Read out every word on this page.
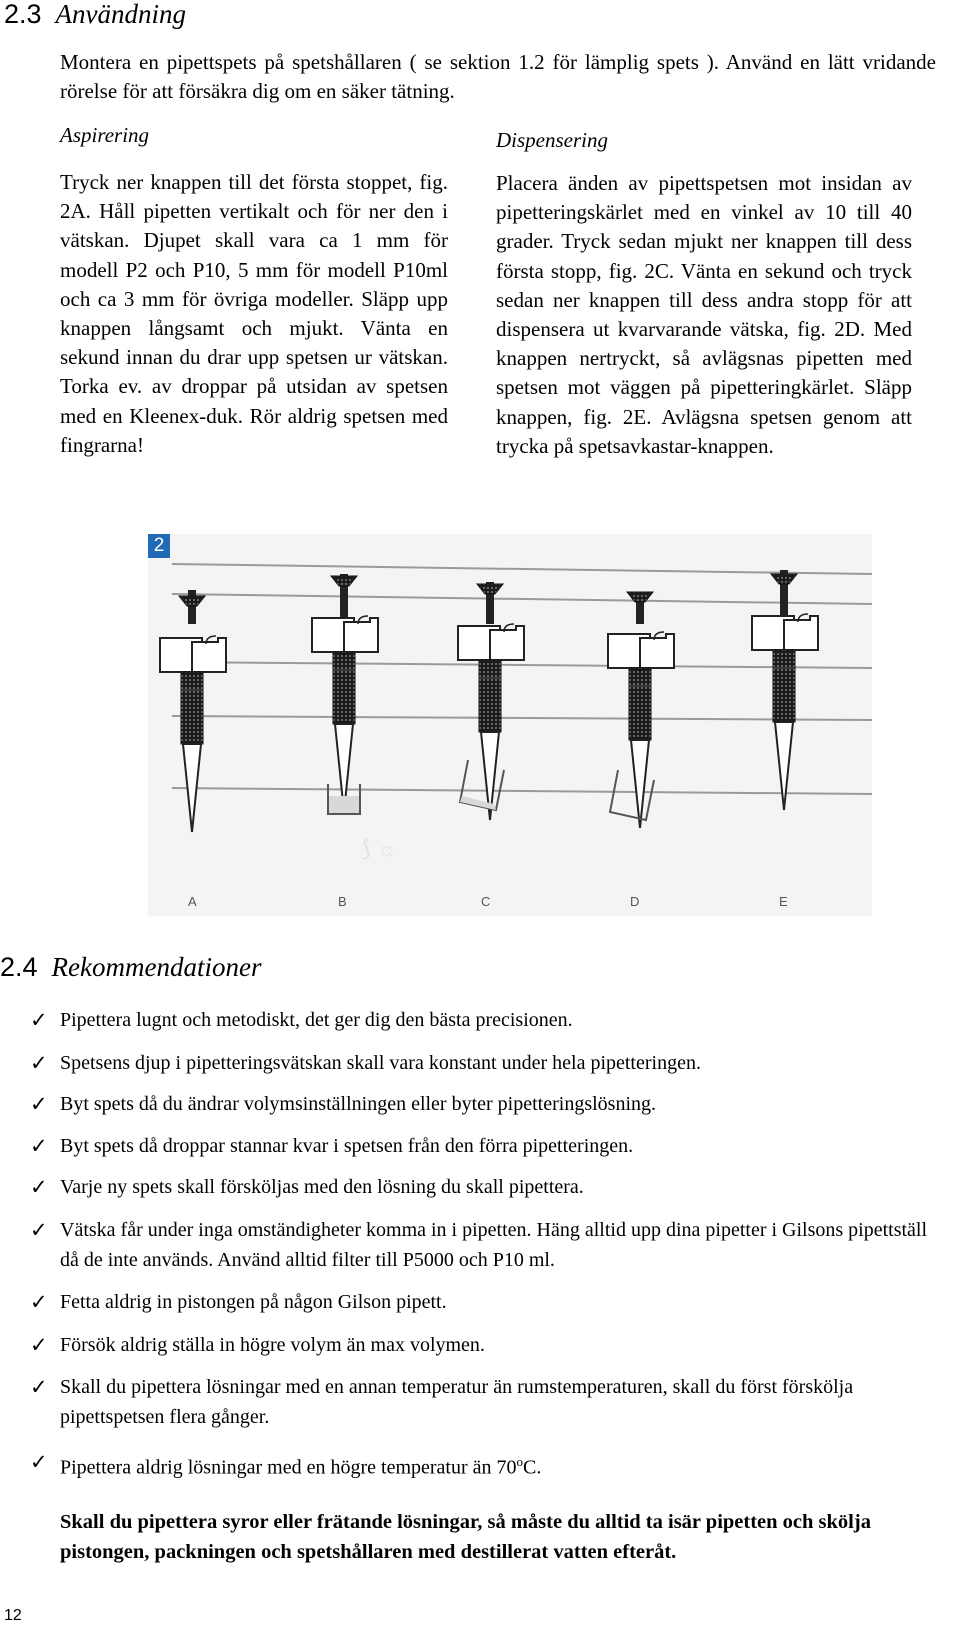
2.3 Användning
Montera en pipettspets på spetshållaren ( se sektion 1.2 för lämplig spets ). Använd en lätt vridande rörelse för att försäkra dig om en säker tätning.
Aspirering
Tryck ner knappen till det första stoppet, fig. 2A. Håll pipetten vertikalt och för ner den i vätskan. Djupet skall vara ca 1 mm för modell P2 och P10, 5 mm för modell P10ml och ca 3 mm för övriga modeller. Släpp upp knappen långsamt och mjukt. Vänta en sekund innan du drar upp spetsen ur vätskan. Torka ev. av droppar på utsidan av spetsen med en Kleenex-duk. Rör aldrig spetsen med fingrarna!
Dispensering
Placera änden av pipettspetsen mot insidan av pipetteringskärlet med en vinkel av 10 till 40 grader. Tryck sedan mjukt ner knappen till dess första stopp, fig. 2C. Vänta en sekund och tryck sedan ner knappen till dess andra stopp för att dispensera ut kvarvarande vätska, fig. 2D. Med knappen nertryckt, så avlägsnas pipetten med spetsen mot väggen på pipetteringkärlet. Släpp knappen, fig. 2E. Avlägsna spetsen genom att trycka på spetsavkastar-knappen.
2
⟆ ☼
A	B	C	D	E
2.4 Rekommendationer
✓ Pipettera lugnt och metodiskt, det ger dig den bästa precisionen.
✓ Spetsens djup i pipetteringsvätskan skall vara konstant under hela pipetteringen.
✓ Byt spets då du ändrar volymsinställningen eller byter pipetteringslösning.
✓ Byt spets då droppar stannar kvar i spetsen från den förra pipetteringen.
✓ Varje ny spets skall försköljas med den lösning du skall pipettera.
✓ Vätska får under inga omständigheter komma in i pipetten. Häng alltid upp dina pipetter i Gilsons pipettställ då de inte används. Använd alltid filter till P5000 och P10 ml.
✓ Fetta aldrig in pistongen på någon Gilson pipett.
✓ Försök aldrig ställa in högre volym än max volymen.
✓ Skall du pipettera lösningar med en annan temperatur än rumstemperaturen, skall du först förskölja pipettspetsen flera gånger.
✓ Pipettera aldrig lösningar med en högre temperatur än 70$^o$C.
Skall du pipettera syror eller frätande lösningar, så måste du alltid ta isär pipetten och skölja pistongen, packningen och spetshållaren med destillerat vatten efteråt.
12
